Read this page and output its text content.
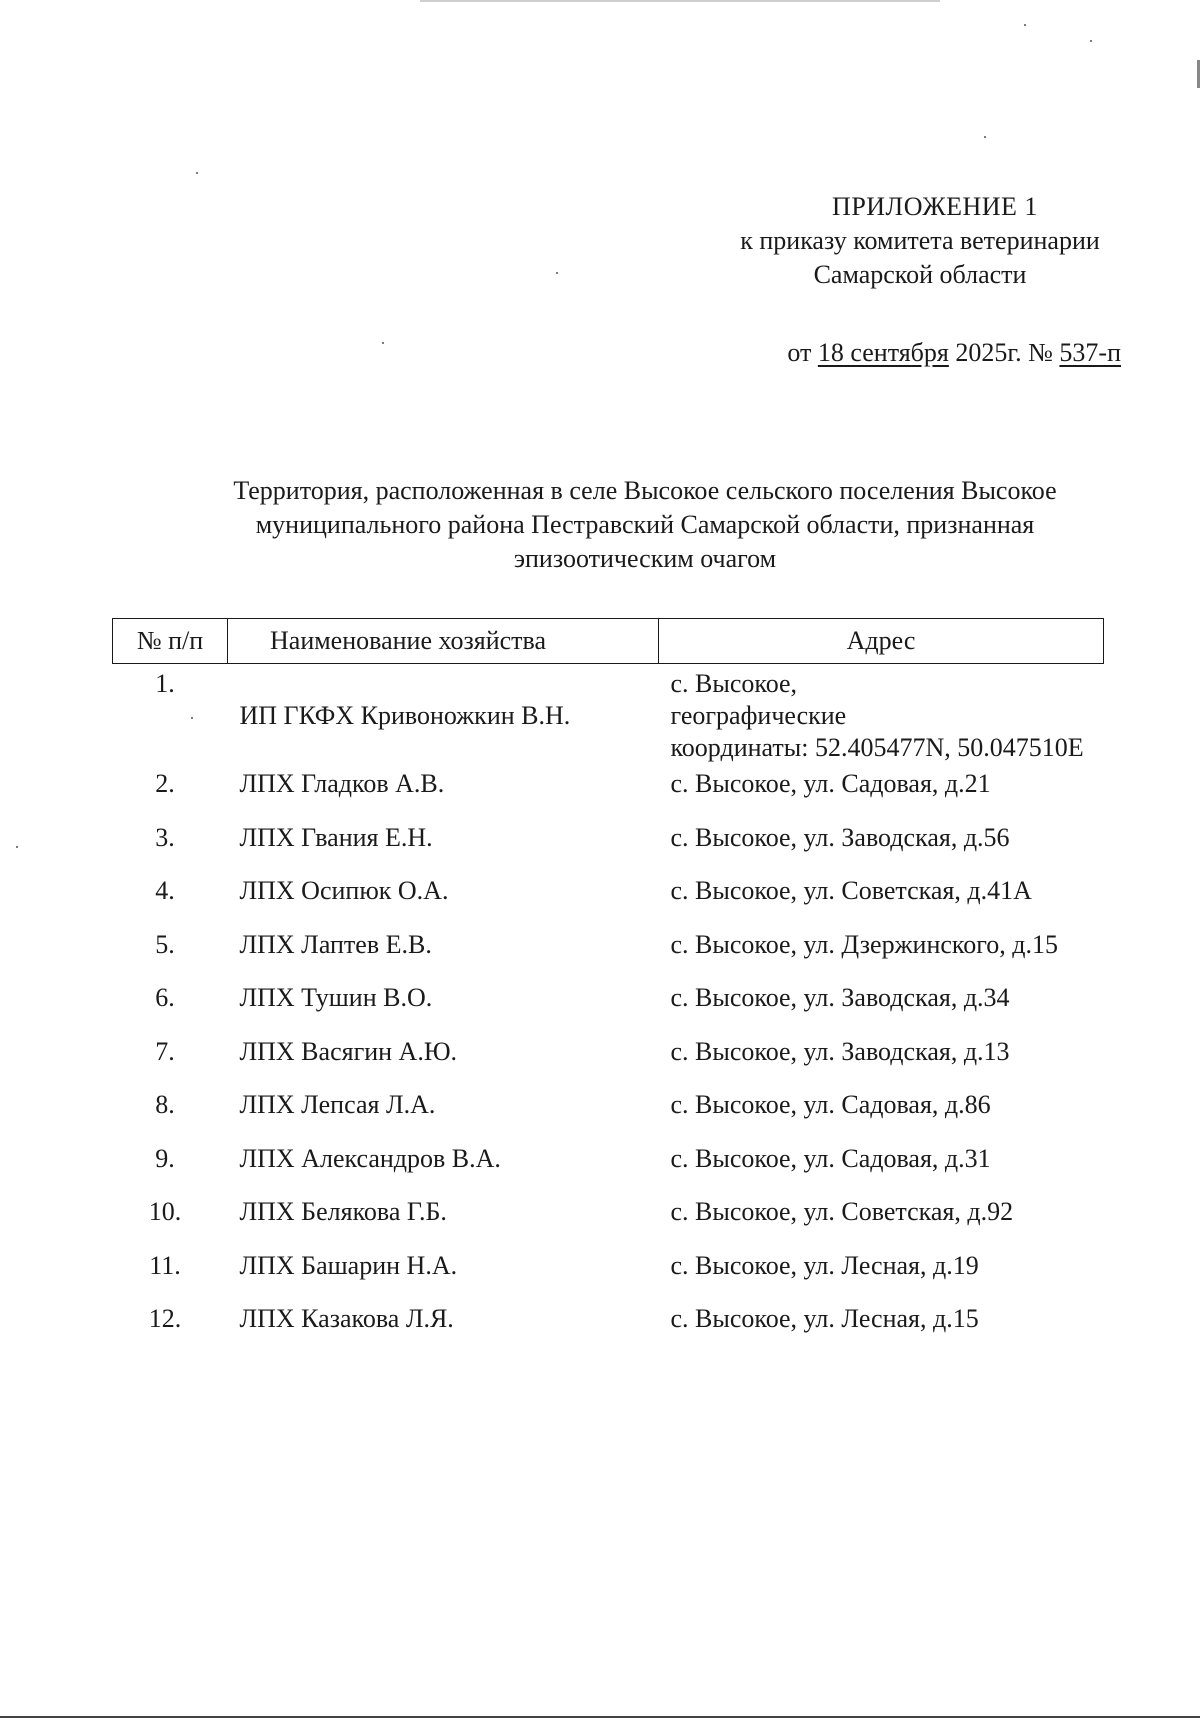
ПРИЛОЖЕНИЕ 1
к приказу комитета ветеринарии
Самарской области
от 18 сентября 2025г. № 537-п
Территория, расположенная в селе Высокое сельского поселения Высокое
муниципального района Пестравский Самарской области, признанная
эпизоотическим очагом
№ п/п	Наименование хозяйства	Адрес
1.	ИП ГКФХ Кривоножкин В.Н.	с. Высокое,
географические
координаты: 52.405477N, 50.047510E

2.	ЛПХ Гладков А.В.	с. Высокое, ул. Садовая, д.21
3.	ЛПХ Гвания Е.Н.	с. Высокое, ул. Заводская, д.56
4.	ЛПХ Осипюк О.А.	с. Высокое, ул. Советская, д.41А
5.	ЛПХ Лаптев Е.В.	с. Высокое, ул. Дзержинского, д.15
6.	ЛПХ Тушин В.О.	с. Высокое, ул. Заводская, д.34
7.	ЛПХ Васягин А.Ю.	с. Высокое, ул. Заводская, д.13
8.	ЛПХ Лепсая Л.А.	с. Высокое, ул. Садовая, д.86
9.	ЛПХ Александров В.А.	с. Высокое, ул. Садовая, д.31
10.	ЛПХ Белякова Г.Б.	с. Высокое, ул. Советская, д.92
11.	ЛПХ Башарин Н.А.	с. Высокое, ул. Лесная, д.19
12.	ЛПХ Казакова Л.Я.	с. Высокое, ул. Лесная, д.15
